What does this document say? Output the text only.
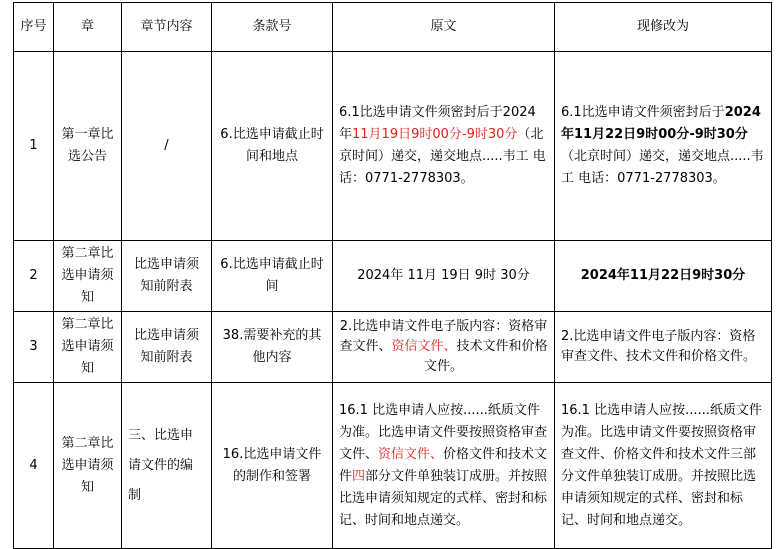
序号	章	章节内容	条款号	原文	现修改为
1	第一章比选公告	/	6.比选申请截止时间和地点	6.1比选申请文件须密封后于2024年11月19日9时00分-9时30分（北京时间）递交，递交地点.....韦工 电话：0771-2778303。	6.1比选申请文件须密封后于2024年11月22日9时00分-9时30分（北京时间）递交，递交地点.....韦工 电话：0771-2778303。
2	第二章比选申请须知	比选申请须知前附表	6.比选申请截止时间	2024年 11月 19日 9时 30分	2024年11月22日9时30分
3	第二章比选申请须知	比选申请须知前附表	38.需要补充的其他内容	2.比选申请文件电子版内容：资格审查文件、资信文件、技术文件和价格文件。	2.比选申请文件电子版内容：资格审查文件、技术文件和价格文件。
4	第二章比选申请须知	三、比选申请文件的编制	16.比选申请文件的制作和签署	16.1 比选申请人应按......纸质文件为准。比选申请文件要按照资格审查文件、资信文件、价格文件和技术文件四部分文件单独装订成册。并按照比选申请须知规定的式样、密封和标记、时间和地点递交。	16.1 比选申请人应按......纸质文件为准。比选申请文件要按照资格审查文件、价格文件和技术文件三部分文件单独装订成册。并按照比选申请须知规定的式样、密封和标记、时间和地点递交。
